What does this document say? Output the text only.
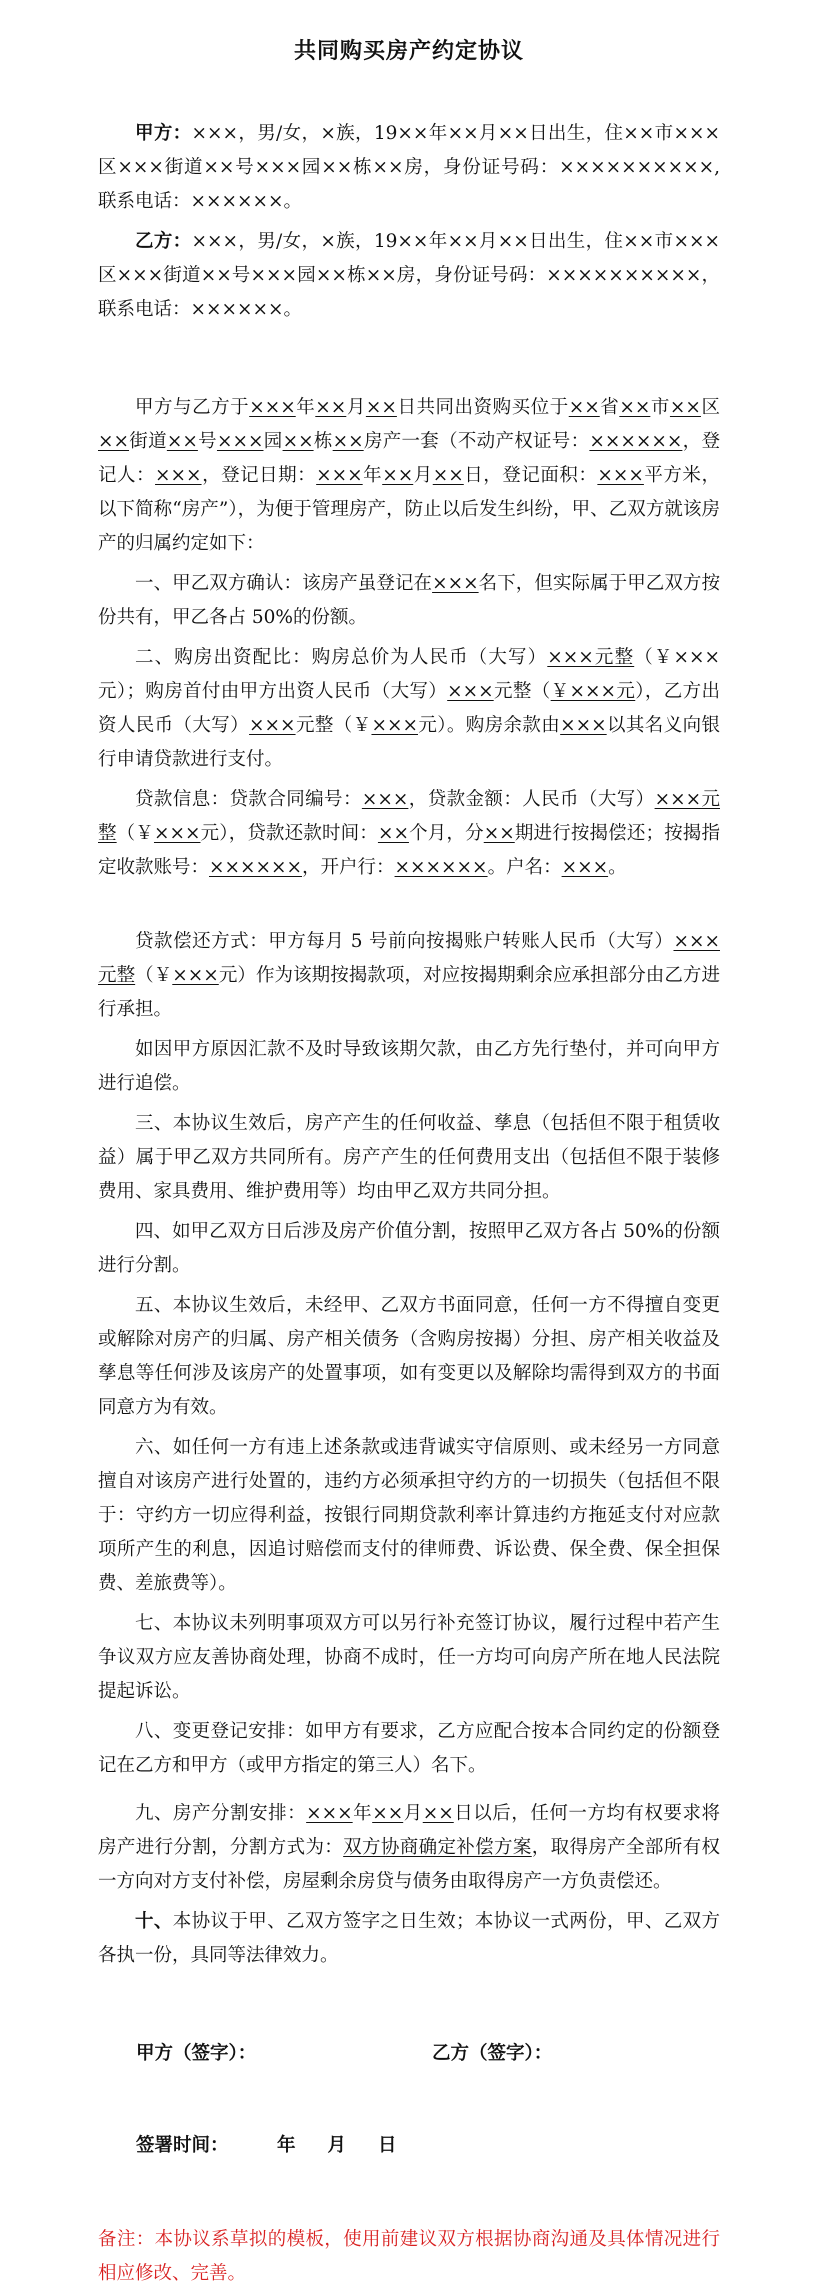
共同购买房产约定协议

甲方：×××，男/女，×族，19××年××月××日出生，住××市×××区×××街道××号×××园××栋××房，身份证号码：××××××××××,联系电话：××××××。

乙方：×××，男/女，×族，19××年××月××日出生，住××市×××区×××街道××号×××园××栋××房，身份证号码：××××××××××，联系电话：××××××。

甲方与乙方于×××年××月××日共同出资购买位于××省××市××区××街道××号×××园××栋××房产一套（不动产权证号：××××××，登记人：×××，登记日期：×××年××月××日，登记面积：×××平方米，以下简称“房产”），为便于管理房产，防止以后发生纠纷，甲、乙双方就该房产的归属约定如下：

一、甲乙双方确认：该房产虽登记在×××名下，但实际属于甲乙双方按份共有，甲乙各占 50%的份额。

二、购房出资配比：购房总价为人民币（大写）×××元整（￥×××元）；购房首付由甲方出资人民币（大写）×××元整（￥×××元），乙方出资人民币（大写）×××元整（￥×××元）。购房余款由×××以其名义向银行申请贷款进行支付。

贷款信息：贷款合同编号：×××，贷款金额：人民币（大写）×××元整（￥×××元），贷款还款时间：××个月，分××期进行按揭偿还；按揭指定收款账号：××××××，开户行：××××××。户名：×××。

贷款偿还方式：甲方每月 5 号前向按揭账户转账人民币（大写）×××元整（￥×××元）作为该期按揭款项，对应按揭期剩余应承担部分由乙方进行承担。

如因甲方原因汇款不及时导致该期欠款，由乙方先行垫付，并可向甲方进行追偿。

三、本协议生效后，房产产生的任何收益、孳息（包括但不限于租赁收益）属于甲乙双方共同所有。房产产生的任何费用支出（包括但不限于装修费用、家具费用、维护费用等）均由甲乙双方共同分担。

四、如甲乙双方日后涉及房产价值分割，按照甲乙双方各占 50%的份额进行分割。

五、本协议生效后，未经甲、乙双方书面同意，任何一方不得擅自变更或解除对房产的归属、房产相关债务（含购房按揭）分担、房产相关收益及孳息等任何涉及该房产的处置事项，如有变更以及解除均需得到双方的书面同意方为有效。

六、如任何一方有违上述条款或违背诚实守信原则、或未经另一方同意擅自对该房产进行处置的，违约方必须承担守约方的一切损失（包括但不限于：守约方一切应得利益，按银行同期贷款利率计算违约方拖延支付对应款项所产生的利息，因追讨赔偿而支付的律师费、诉讼费、保全费、保全担保费、差旅费等）。

七、本协议未列明事项双方可以另行补充签订协议，履行过程中若产生争议双方应友善协商处理，协商不成时，任一方均可向房产所在地人民法院提起诉讼。

八、变更登记安排：如甲方有要求，乙方应配合按本合同约定的份额登记在乙方和甲方（或甲方指定的第三人）名下。

九、房产分割安排：×××年××月××日以后，任何一方均有权要求将房产进行分割，分割方式为：双方协商确定补偿方案，取得房产全部所有权一方向对方支付补偿，房屋剩余房贷与债务由取得房产一方负责偿还。

十、本协议于甲、乙双方签字之日生效；本协议一式两份，甲、乙双方各执一份，具同等法律效力。

甲方（签字）：	乙方（签字）：
签署时间：	年 月 日

备注：本协议系草拟的模板，使用前建议双方根据协商沟通及具体情况进行相应修改、完善。
